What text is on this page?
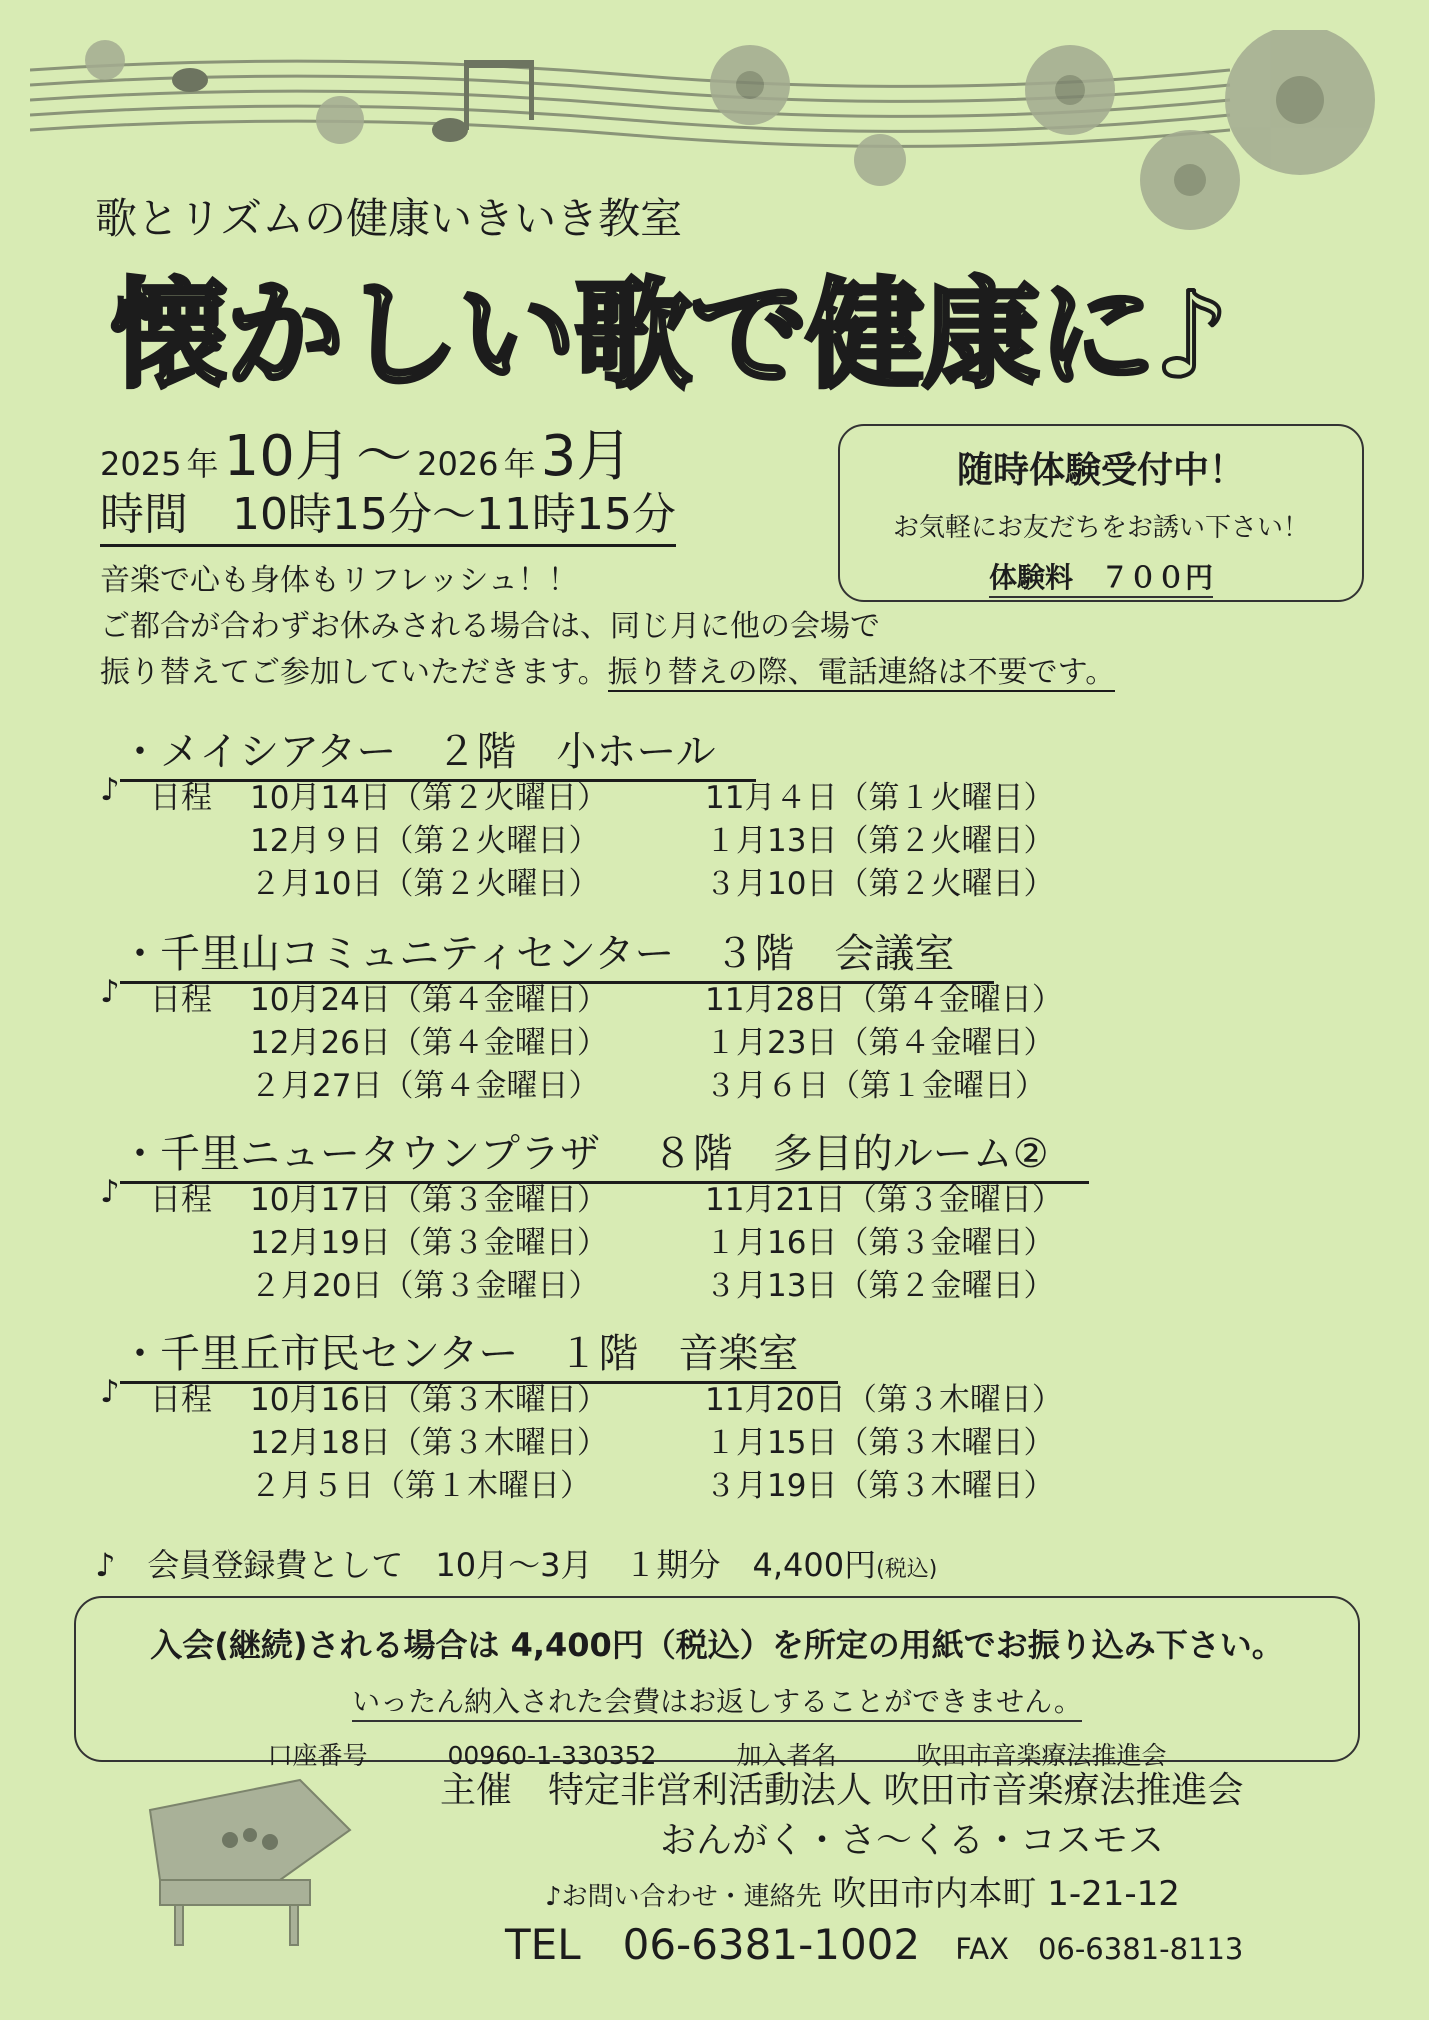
歌とリズムの健康いきいき教室
懐かしい歌で健康に♪
2025 年 10月 ～ 2026 年 3月
時間　10時15分～11時15分
随時体験受付中！
お気軽にお友だちをお誘い下さい！
体験料　７００円
音楽で心も身体もリフレッシュ！！
ご都合が合わずお休みされる場合は、同じ月に他の会場で
振り替えてご参加していただきます。振り替えの際、電話連絡は不要です。
・メイシアター　２階　小ホール
♪ 日程 10月14日（第２火曜日）	11月４日（第１火曜日）
12月９日（第２火曜日）	１月13日（第２火曜日）
２月10日（第２火曜日）	３月10日（第２火曜日）
・千里山コミュニティセンター　３階　会議室
♪ 日程 10月24日（第４金曜日）	11月28日（第４金曜日）
12月26日（第４金曜日）	１月23日（第４金曜日）
２月27日（第４金曜日）	３月６日（第１金曜日）
・千里ニュータウンプラザ　 ８階　多目的ルーム②
♪ 日程 10月17日（第３金曜日）	11月21日（第３金曜日）
12月19日（第３金曜日）	１月16日（第３金曜日）
２月20日（第３金曜日）	３月13日（第２金曜日）
・千里丘市民センター　１階　音楽室
♪ 日程 10月16日（第３木曜日）	11月20日（第３木曜日）
12月18日（第３木曜日）	１月15日（第３木曜日）
２月５日（第１木曜日）	３月19日（第３木曜日）
♪　会員登録費として　10月～3月　１期分　4,400円(税込)
入会(継続)される場合は 4,400円（税込）を所定の用紙でお振り込み下さい。
いったん納入された会費はお返しすることができません。
口座番号	00960-1-330352	加入者名	吹田市音楽療法推進会
主催　特定非営利活動法人 吹田市音楽療法推進会
おんがく・さ～くる・コスモス
♪お問い合わせ・連絡先 吹田市内本町 1-21-12
TEL　06-6381-1002 FAX　06-6381-8113
